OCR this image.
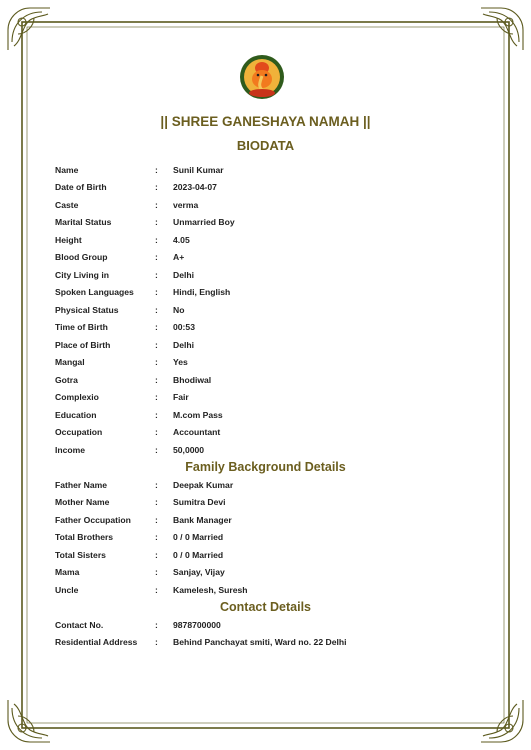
|| SHREE GANESHAYA NAMAH ||
BIODATA
Name	: Sunil Kumar
Date of Birth	: 2023-04-07
Caste	: verma
Marital Status	: Unmarried Boy
Height	: 4.05
Blood Group	: A+
City Living in	: Delhi
Spoken Languages : Hindi, English
Physical Status	: No
Time of Birth	: 00:53
Place of Birth	: Delhi
Mangal	: Yes
Gotra	: Bhodiwal
Complexio	: Fair
Education	: M.com Pass
Occupation	: Accountant
Income	: 50,0000
Family Background Details
Father Name	: Deepak Kumar
Mother Name	: Sumitra Devi
Father Occupation	: Bank Manager
Total Brothers	: 0 / 0 Married
Total Sisters	: 0 / 0 Married
Mama	: Sanjay, Vijay
Uncle	: Kamelesh, Suresh
Contact Details
Contact No.	: 9878700000
Residential Address : Behind Panchayat smiti, Ward no. 22 Delhi
